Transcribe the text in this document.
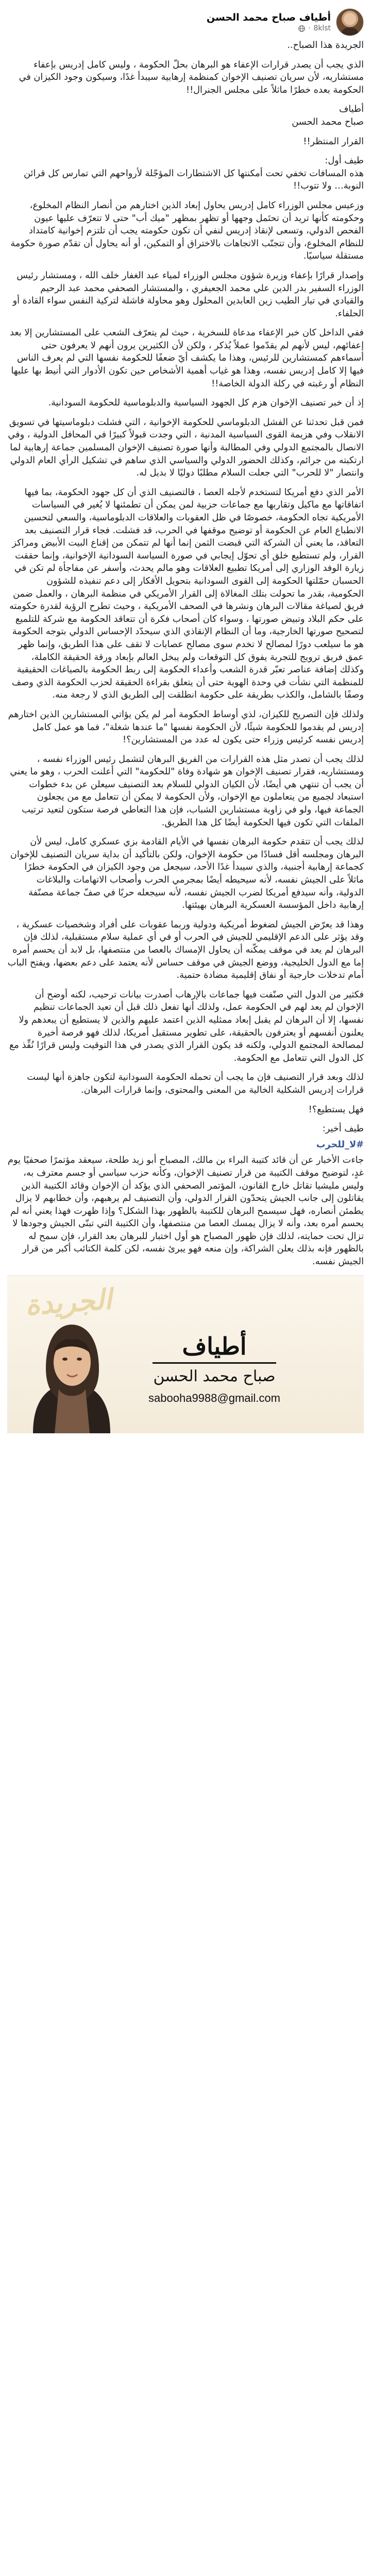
أطياف صباح محمد الحسن
8klst
·

الجريدة هذا الصباح..

الذي يجب أن يصدر قرارات الإعفاء هو البرهان بحلّ الحكومة ، وليس كامل إدريس بإعفاء مستشاريه، لأن سريان تصنيف الإخوان كمنظمة إرهابية سيبدأ غدًا، وسيكون وجود الكيزان في الحكومة بعده خطرًا ماثلاً على مجلس الجنرال!!

أطياف
صباح محمد الحسن

القرار المنتظر!!

طيف أول:
هذه المسافات تخفي تحت أمكنتها كل الاشتطارات المؤجّلة لأرواحهم التي تمارس كل قرائن النوبة… ولا تتوب!!

وزعيس مجلس الوزراء كامل إدريس يحاول إبعاد الذين اختارهم من أنصار النظام المخلوع، وحكومته كأنها تريد أن تحتَمل وجهها أو تظهر بمظهر "ميك أب" حتى لا تتعرّف عليها عيون الفحص الدولي، وتسعى لإنقاذ إدريس لنفي أن تكون حكومته يجب أن تلتزم إخوانية كامتداد للنظام المخلوع، وأن تتجنّب الاتجاهات بالاختراق أو التمكين، أو أنه يحاول أن تقدّم صورة حكومة مستقلة سياسيًا.

وإصدار قرارًا بإعفاء وزيرة شؤون مجلس الوزراء لمياء عبد الغفار خلف الله ، ومستشار رئيس الوزراء السفير بدر الدين علي محمد الجعيفري ، والمستشار الصحفي محمد عبد الرحيم والقيادي في تيار الطيب زين العابدين المحلول وهو محاولة فاشلة لتركية النفس سواء القادة أو الحلفاء.

ففي الداخل كان خبر الإعفاء مدعاة للسخرية ، حيث لم يتعرّف الشعب على المستشارين إلا بعد إعفائهم، ليس لأنهم لم يقدّموا عملاً يُذكر ، ولكن لأن الكثيرين يرون أنهم لا يعرفون حتى أسماءهم كمستشارين للرئيس، وهذا ما يكشف أيّ ضعفًا للحكومة نفسها التي لم يعرف الناس فيها إلا كامل إدريس نفسه، وهذا هو غياب أهمية الأشخاص حين تكون الأدوار التي أنيط بها عليها النظام أو رغبته في ركلة الدولة الخاصة!!

إذ أن خبر تصنيف الإخوان هزم كل الجهود السياسية والدبلوماسية للحكومة السودانية.

فمن قبل تحدثنا عن الفشل الدبلوماسي للحكومة الإخوانية ، التي فشلت دبلوماسيتها في تسويق الانقلاب وفي هزيمة القوى السياسية المدنية ، التي وجدت قبولاً كبيرًا في المحافل الدولية ، وفي الانصال بالمجتمع الدولي وفي المطالبة وأنها صورة تصنيف الإخوان المسلمين جماعة إرهابية لما ارتكبته من جرائم، وكذلك الحضور الدولي والسياسي الذي ساهم في تشكيل الرأي العام الدولي وانتصار "لا للحرب" التي جعلت السلام مطلبًا دوليًا لا بديل له.

الأمر الذي دفع أمريكا لتستخدم لأجله العصا ، فالتصنيف الذي أن كل جهود الحكومة، بما فيها اتفاقاتها مع ماكيل وتقاربها مع جماعات حزبية لمن يمكن أن تطمئنها لا يُغير في السياسات الأمريكية تجاه الحكومة، خصوصًا في ظل العقوبات والعلاقات الدبلوماسية، والسعي لتحسين الانطباع العام عن الحكومة أو توضيح موقفها في الحرب، قد فشلت. فجاء قرار التصنيف بعد التعاقد، ما يعني أن الشركة التي قبضت الثمن إنما أنها لم تتمكن من إقناع البيت الأبيض ومراكز القرار، ولم تستطيع خلق أي تحوّل إيجابي في صورة السياسة السودانية الإخوانية، وإنما حققت زيارة الوفد الوزاري إلى أمريكا تطبيع العلاقات وهو مالم يحدث، وأسفر عن مفاجأة لم تكن في الحسبان حمّلتها الحكومة إلى القوى السودانية بتحويل الأفكار إلى دعم تنفيذه للشؤون الحكومية، بقدر ما تحولت بتلك المغالاة إلى القرار الأمريكي في منظمة البرهان ، والعمل ضمن فريق لصياغة مقالات البرهان ونشرها في الصحف الأمريكية ، وحيث تطرح الرؤية لقدرة حكومته على حكم البلاد وتبيض صورتها ، وسواء كان أصحاب فكرة أن تتعاقد الحكومة مع شركة للتلميع لتصحيح صورتها الخارجية، وما أن النظام الإنقاذي الذي سيحدّد الإحساس الدولي بتوجه الحكومة هو ما سيلعب دورًا لمصالح لا تخدم سوى مصالح عصابات لا تقف على هذا الطريق، وإنما ظهر عمق فريق ترويج للتجربة يفوق كل التوقعات ولم يبخل العالم بإبعاد ورقة الحقيقة الكاملة، وكذلك إضافة عناصر تعبّر قدرة الشعب وأعداء الحكومة إلى ربط الحكومة بالصياغات الحقيقية للمنظمة التي نشأت في وحدة الهوية حتى أن يتعلق بقراءة الحقيقة لحزب الحكومة الذي وصف وصفًا بالشامل، والكذب بطريقة على حكومة انطلقت إلى الطريق الذي لا رجعة منه.

ولذلك فإن التصريح للكيزان، لذي أوساط الحكومة أمر لم يكن يؤاتي المستشارين الذين اختارهم إدريس لم يقدموا للحكومة شيئًا، لأن الحكومة نفسها "ما عندها شغلة"، فما هو عمل كامل إدريس نفسه كرئيس وزراء حتى يكون له عدد من المستشارين؟!

لذلك يجب أن تصدر مثل هذه القرارات من الفريق البرهان لتشمل رئيس الوزراء نفسه ، ومستشاريه، فقرار تصنيف الإخوان هو شهادة وفاة "للحكومة" التي أعلنت الحرب ، وهو ما يعني أن يجب أن تنتهي هي أيضًا، لأن الكيان الدولي للسلام بعد التصنيف سيعلن عن بدء خطوات استبعاد لجميع من يتعاملون مع الإخوان، ولأن الحكومة لا يمكن أن تتعامل مع من يجعلون الجماعة فيها، ولو في زاوية مستشارين الشباب، فإن هذا التعاطي فرصة ستكون لتعيد ترتيب الملفات التي تكون فيها الحكومة أيضًا كل هذا الطريق.

لذلك يجب أن تتقدم حكومة البرهان نفسها في الأيام القادمة بزي عسكري كامل، ليس لأن البرهان ومجلسه أقل فسادًا من حكومة الإخوان، ولكن بالتأكيد أن بداية سريان التصنيف للإخوان كجماعة إرهابية أجنبية، والذي سيبدأ غدًا الأحد، سيجعل من وجود الكيزان في الحكومة خطرًا ماثلاً على الجيش نفسه، لأنه سيحيطه أيضًا بمجرمي الحرب وأصحاب الاتهامات والبلاغات الدولية، وأنه سيدفع أمريكا لضرب الجيش نفسه، لأنه سيجعله حربًا في صفّ جماعة مصنّفة إرهابية داخل المؤسسة العسكرية البرهان بهيئتها.

وهذا قد يعرّض الجيش لضغوط أمريكية ودولية وربما عقوبات على أفراد وشخصيات عسكرية ، وقد يؤثر على الدعم الإقليمي للجيش في الحرب أو في أي عملية سلام مستقبلية، لذلك فإن البرهان لم يعد في موقف يمكّنه أن يحاول الإمساك بالعصا من منتصفها، بل لابد أن يحسم أمره إما مع الدول الخليجية، ووضع الجيش في موقف حساس لأنه يعتمد على دعم بعضها، ويفتح الباب أمام تدخلات خارجية أو نفاق إقليمية مضادة حتمية.

فكثير من الدول التي صنّفت فيها جماعات بالإرهاب أصدرت بيانات ترحيب، لكنه أوضح أن الإخوان لم يعد لهم في الحكومة عمل، ولذلك أنها تفعل ذلك قبل أن تعيد الجماعات تنظيم نفسها، إلا أن البرهان لم يقبل إبعاد ممثليه الذين اعتمد عليهم والذين لا يستطيع أن يبعدهم ولا يعلنون أنفسهم أو يعترفون بالحقيقة، على تطوير مستقبل أمريكا، لذلك فهو فرصة أخيرة لمصالحة المجتمع الدولي، ولكنه قد يكون القرار الذي يصدر في هذا التوقيت وليس قرارًا نُفِّذ مع كل الدول التي تتعامل مع الحكومة.

لذلك وبعد قرار التصنيف فإن ما يجب أن تحمله الحكومة السودانية لتكون جاهزة أنها ليست قرارات إدريس الشكلية الخالية من المعنى والمحتوى، وإنما قرارات البرهان.

فهل يستطيع؟!

طيف أخير:

#لا_للحرب

جاءت الأخبار عن أن قائد كتيبة البراء بن مالك، المصباح أبو زيد طلحة، سيعقد مؤتمرًا صحفيًا يوم غدٍ، لتوضيح موقف الكتيبة من قرار تصنيف الإخوان، وكأنه حزب سياسي أو جسم معترف به، وليس مليشيا تقاتل خارج القانون، المؤتمر الصحفي الذي يؤكد أن الإخوان وقائد الكتيبة الذين يقاتلون إلى جانب الجيش يتحدّون القرار الدولي، وأن التصنيف لم يرهبهم، وأن خطابهم لا يزال يطمئن أنصاره، فهل سيسمح البرهان للكتيبة بالظهور بهذا الشكل؟ وإذا ظهرت فهذا يعني أنه لم يحسم أمره بعد، وأنه لا يزال يمسك العصا من منتصفها، وأن الكتيبة التي تبنّى الجيش وجودها لا تزال تحت حمايته، لذلك فإن ظهور المصباح هو أول اختبار للبرهان بعد القرار، فإن سمح له بالظهور فإنه بذلك يعلن الشراكة، وإن منعه فهو يبرئ نفسه، لكن كلمة الكتائب أكبر من قرار الجيش نفسه.

الجريدة
أطياف
صباح محمد الحسن
sabooha9988@gmail.com
